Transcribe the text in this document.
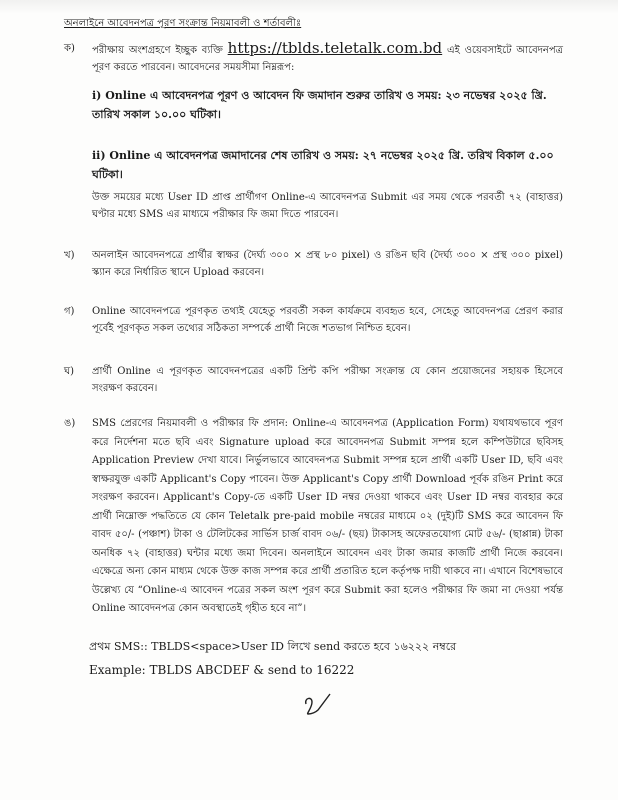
অনলাইনে আবেদনপত্র পূরণ সংক্রান্ত নিয়মাবলী ও শর্তাবলীঃ
ক)	পরীক্ষায় অংশগ্রহণে ইচ্ছুক ব্যক্তি https://tblds.teletalk.com.bd এই ওয়েবসাইটে আবেদনপত্র পূরণ করতে পারবেন। আবেদনের সময়সীমা নিম্নরূপ:
i) Online এ আবেদনপত্র পূরণ ও আবেদন ফি জমাদান শুরুর তারিখ ও সময়: ২৩ নভেম্বর ২০২৫ খ্রি. তারিখ সকাল ১০.০০ ঘটিকা।
ii) Online এ আবেদনপত্র জমাদানের শেষ তারিখ ও সময়: ২৭ নভেম্বর ২০২৫ খ্রি. তরিখ বিকাল ৫.০০ ঘটিকা।
উক্ত সময়ের মধ্যে User ID প্রাপ্ত প্রার্থীগণ Online-এ আবেদনপত্র Submit এর সময় থেকে পরবর্তী ৭২ (বাহাত্তর) ঘণ্টার মধ্যে SMS এর মাধ্যমে পরীক্ষার ফি জমা দিতে পারবেন।
খ)	অনলাইন আবেদনপত্রে প্রার্থীর স্বাক্ষর (দৈর্ঘ্য ৩০০ × প্রস্থ ৮০ pixel) ও রঙিন ছবি (দৈর্ঘ্য ৩০০ × প্রস্থ ৩০০ pixel) স্ক্যান করে নির্ধারিত স্থানে Upload করবেন।
গ)	Online আবেদনপত্রে পূরণকৃত তথ্যই যেহেতু পরবর্তী সকল কার্যক্রমে ব্যবহৃত হবে, সেহেতু আবেদনপত্র প্রেরণ করার পূর্বেই পূরণকৃত সকল তথ্যের সঠিকতা সম্পর্কে প্রার্থী নিজে শতভাগ নিশ্চিত হবেন।
ঘ)	প্রার্থী Online এ পূরণকৃত আবেদনপত্রের একটি প্রিন্ট কপি পরীক্ষা সংক্রান্ত যে কোন প্রয়োজনের সহায়ক হিসেবে সংরক্ষণ করবেন।
ঙ)	SMS প্রেরণের নিয়মাবলী ও পরীক্ষার ফি প্রদান: Online-এ আবেদনপত্র (Application Form) যথাযথভাবে পূরণ করে নির্দেশনা মতে ছবি এবং Signature upload করে আবেদনপত্র Submit সম্পন্ন হলে কম্পিউটারে ছবিসহ Application Preview দেখা যাবে। নির্ভুলভাবে আবেদনপত্র Submit সম্পন্ন হলে প্রার্থী একটি User ID, ছবি এবং স্বাক্ষরযুক্ত একটি Applicant's Copy পাবেন। উক্ত Applicant's Copy প্রার্থী Download পূর্বক রঙিন Print করে সংরক্ষণ করবেন। Applicant's Copy-তে একটি User ID নম্বর দেওয়া থাকবে এবং User ID নম্বর ব্যবহার করে প্রার্থী নিম্নোক্ত পদ্ধতিতে যে কোন Teletalk pre-paid mobile নম্বরের মাধ্যমে ০২ (দুই)টি SMS করে আবেদন ফি বাবদ ৫০/- (পঞ্চাশ) টাকা ও টেলিটকের সার্ভিস চার্জ বাবদ ০৬/- (ছয়) টাকাসহ অফেরতযোগ্য মোট ৫৬/- (ছাপ্পান্ন) টাকা অনধিক ৭২ (বাহাত্তর) ঘন্টার মধ্যে জমা দিবেন। অনলাইনে আবেদন এবং টাকা জমার কাজটি প্রার্থী নিজে করবেন। এক্ষেত্রে অন্য কোন মাধ্যম থেকে উক্ত কাজ সম্পন্ন করে প্রার্থী প্রতারিত হলে কর্তৃপক্ষ দায়ী থাকবে না। এখানে বিশেষভাবে উল্লেখ্য যে “Online-এ আবেদন পত্রের সকল অংশ পূরণ করে Submit করা হলেও পরীক্ষার ফি জমা না দেওয়া পর্যন্ত Online আবেদনপত্র কোন অবস্থাতেই গৃহীত হবে না”।
প্রথম SMS:: TBLDS<space>User ID লিখে send করতে হবে ১৬২২২ নম্বরে
Example: TBLDS ABCDEF & send to 16222
